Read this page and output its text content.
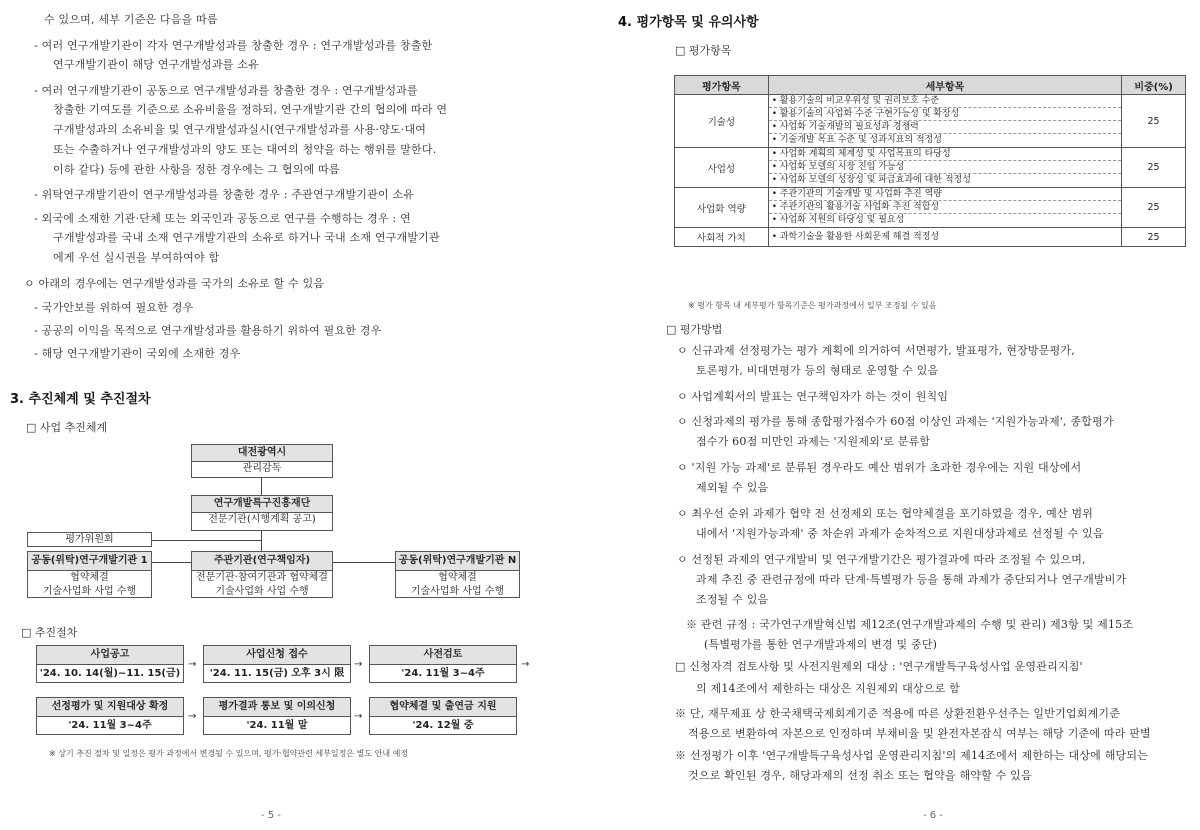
수 있으며, 세부 기준은 다음을 따름
- 여러 연구개발기관이 각자 연구개발성과를 창출한 경우 : 연구개발성과를 창출한
연구개발기관이 해당 연구개발성과를 소유
- 여러 연구개발기관이 공동으로 연구개발성과를 창출한 경우 : 연구개발성과를
창출한 기여도를 기준으로 소유비율을 정하되, 연구개발기관 간의 협의에 따라 연
구개발성과의 소유비율 및 연구개발성과실시(연구개발성과를 사용·양도·대여
또는 수출하거나 연구개발성과의 양도 또는 대여의 청약을 하는 행위를 말한다.
이하 같다) 등에 관한 사항을 정한 경우에는 그 협의에 따름
- 위탁연구개발기관이 연구개발성과를 창출한 경우 : 주관연구개발기관이 소유
- 외국에 소재한 기관·단체 또는 외국인과 공동으로 연구를 수행하는 경우 : 연
구개발성과를 국내 소재 연구개발기관의 소유로 하거나 국내 소재 연구개발기관
에게 우선 실시권을 부여하여야 함
ㅇ 아래의 경우에는 연구개발성과를 국가의 소유로 할 수 있음
- 국가안보를 위하여 필요한 경우
- 공공의 이익을 목적으로 연구개발성과를 활용하기 위하여 필요한 경우
- 해당 연구개발기관이 국외에 소재한 경우
3. 추진체계 및 추진절차
□ 사업 추진체계
대전광역시
관리감독
연구개발특구진흥재단
전문기관(시행계획 공고)
평가위원회
공동(위탁)연구개발기관 1
협약체결
기술사업화 사업 수행
주관기관(연구책임자)
전문기관·참여기관과 협약체결
기술사업화 사업 수행
공동(위탁)연구개발기관 N
협약체결
기술사업화 사업 수행
□ 추진절차
사업공고
'24. 10. 14(월)~11. 15(금)
→
사업신청 접수
'24. 11. 15(금) 오후 3시 限
→
사전검토
'24. 11월 3~4주
→
선정평가 및 지원대상 확정
'24. 11월 3~4주
→
평가결과 통보 및 이의신청
'24. 11월 말
→
협약체결 및 출연금 지원
'24. 12월 중
※ 상기 추진 절차 및 일정은 평가 과정에서 변경될 수 있으며, 평가·협약관련 세부일정은 별도 안내 예정
- 5 -
4. 평가항목 및 유의사항
□ 평가항목
평가항목	세부항목	비중(%)
기술성	• 활용기술의 비교우위성 및 권리보호 수준
• 활용기술의 사업화 수준 구현가능성 및 확장성
• 사업화 기술개발의 필요성과 경쟁력
• 기술개발 목표 수준 및 성과지표의 적정성	25
사업성	• 사업화 계획의 체계성 및 사업목표의 타당성
• 사업화 모델의 시장 진입 가능성
• 사업화 모델의 성장성 및 파급효과에 대한 적정성	25
사업화 역량	• 주관기관의 기술개발 및 사업화 추진 역량
• 주관기관의 활용기술 사업화 추진 적합성
• 사업화 지원의 타당성 및 필요성	25
사회적 가치	• 과학기술을 활용한 사회문제 해결 적정성	25
※ 평가 항목 내 세부평가 항목기준은 평가과정에서 일부 조정될 수 있음
□ 평가방법
ㅇ 신규과제 선정평가는 평가 계획에 의거하여 서면평가, 발표평가, 현장방문평가,
토론평가, 비대면평가 등의 형태로 운영할 수 있음
ㅇ 사업계획서의 발표는 연구책임자가 하는 것이 원칙임
ㅇ 신청과제의 평가를 통해 종합평가점수가 60점 이상인 과제는 '지원가능과제', 종합평가
점수가 60점 미만인 과제는 '지원제외'로 분류함
ㅇ '지원 가능 과제'로 분류된 경우라도 예산 범위가 초과한 경우에는 지원 대상에서
제외될 수 있음
ㅇ 최우선 순위 과제가 협약 전 선정제외 또는 협약체결을 포기하였을 경우, 예산 범위
내에서 '지원가능과제' 중 차순위 과제가 순차적으로 지원대상과제로 선정될 수 있음
ㅇ 선정된 과제의 연구개발비 및 연구개발기간은 평가결과에 따라 조정될 수 있으며,
과제 추진 중 관련규정에 따라 단계·특별평가 등을 통해 과제가 중단되거나 연구개발비가
조정될 수 있음
※ 관련 규정 : 국가연구개발혁신법 제12조(연구개발과제의 수행 및 관리) 제3항 및 제15조
(특별평가를 통한 연구개발과제의 변경 및 중단)
□ 신청자격 검토사항 및 사전지원제외 대상 : '연구개발특구육성사업 운영관리지침'
의 제14조에서 제한하는 대상은 지원제외 대상으로 함
※ 단, 재무제표 상 한국채택국제회계기준 적용에 따른 상환전환우선주는 일반기업회계기준
적용으로 변환하여 자본으로 인정하며 부채비율 및 완전자본잠식 여부는 해당 기준에 따라 판별
※ 선정평가 이후 '연구개발특구육성사업 운영관리지침'의 제14조에서 제한하는 대상에 해당되는
것으로 확인된 경우, 해당과제의 선정 취소 또는 협약을 해약할 수 있음
- 6 -
